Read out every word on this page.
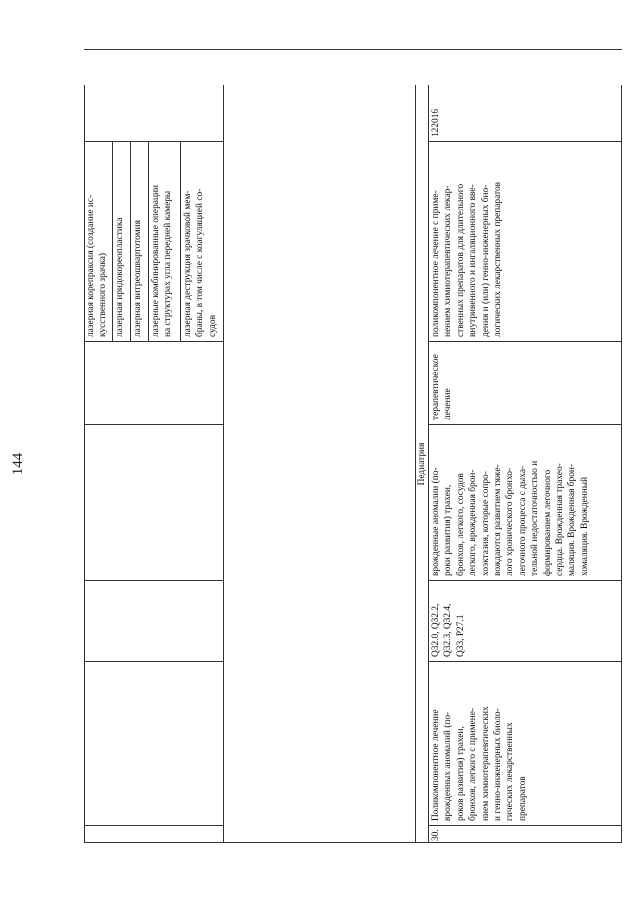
144
лазерная корепраксия (создание ис-
кусственного зрачка) лазерная иридокореопластика лазерная витреошвартотомия лазерные комбинированные операции
на структурах угла передней камеры
лазерная деструкция зрачковой мем-
браны, в том числе с коагуляцией со-
судов
Педиатрия
30.
Поликомпонентное лечение
врожденных аномалий (по-
роков развития) трахеи,
бронхов, легкого с примене-
нием химиотерапевтических
и генно-инженерных биоло-
гических лекарственных
препаратов
Q32.0, Q32.2,
Q32.3, Q32.4,
Q33, P27.1
врожденные аномалии (по-
роки развития) трахеи,
бронхов, легкого, сосудов
легкого, врожденная брон-
хоэктазия, которые сопро-
вождаются развитием тяже-
лого хронического бронхо-
легочного процесса с дыха-
тельной недостаточностью и
формированием легочного
сердца. Врожденная трахео-
маляция. Врожденная брон-
хомаляция. Врожденный
терапевтическое
лечение
поликомпонентное лечение с приме-
нением химиотерапевтических лекар-
ственных препаратов для длительного
внутривенного и ингаляционного вве-
дения и (или) генно-инженерных био-
логических лекарственных препаратов
122016
